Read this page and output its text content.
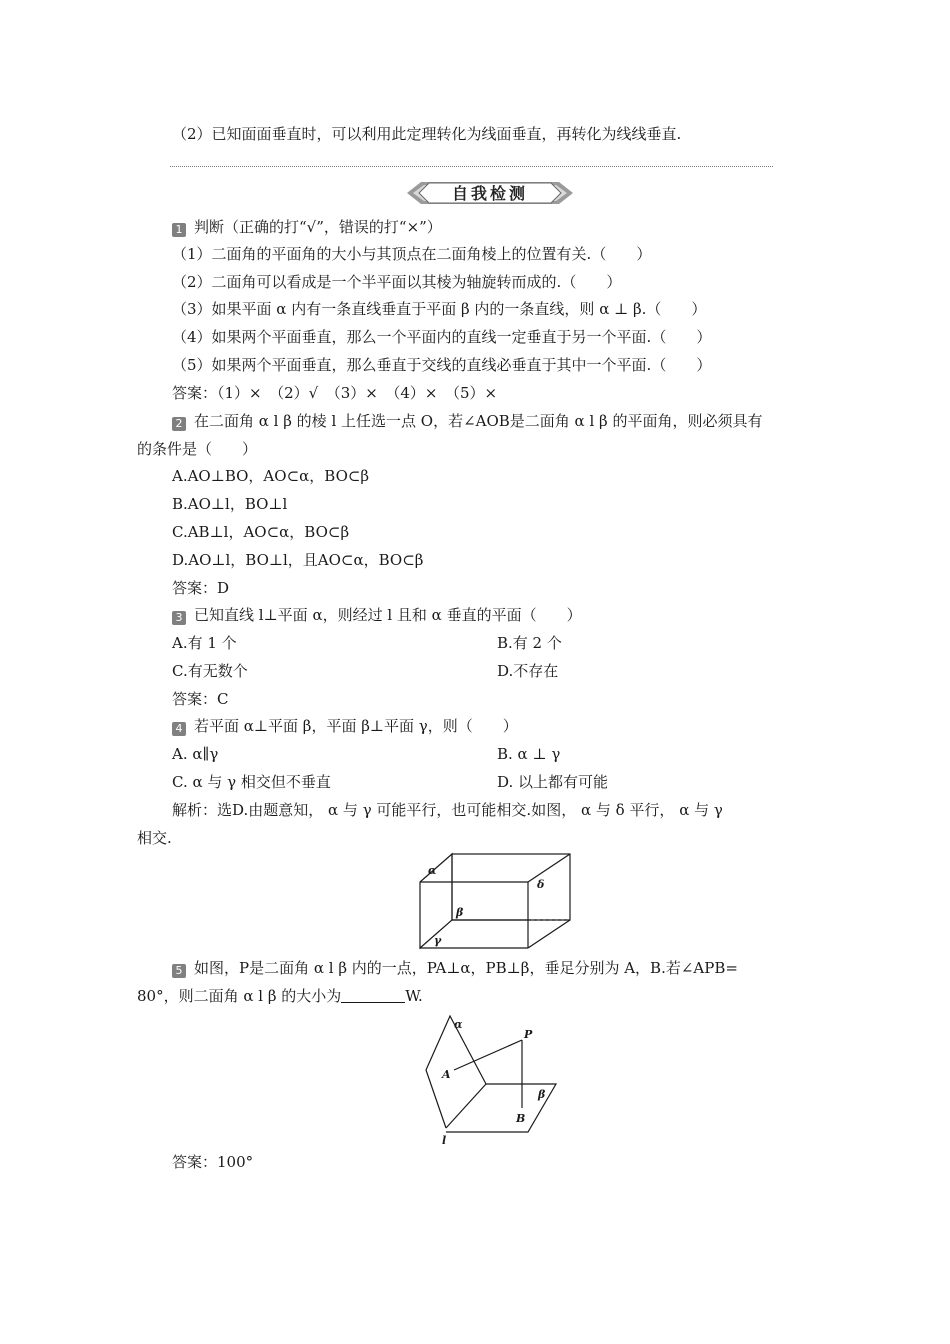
（2）已知面面垂直时，可以利用此定理转化为线面垂直，再转化为线线垂直.
自我检测
1 判断（正确的打“√”，错误的打“×”）
（1）二面角的平面角的大小与其顶点在二面角棱上的位置有关.（　　）
（2）二面角可以看成是一个半平面以其棱为轴旋转而成的.（　　）
（3）如果平面 α 内有一条直线垂直于平面 β 内的一条直线，则 α ⊥ β.（　　）
（4）如果两个平面垂直，那么一个平面内的直线一定垂直于另一个平面.（　　）
（5）如果两个平面垂直，那么垂直于交线的直线必垂直于其中一个平面.（　　）
答案：（1）×　（2）√　（3）×　（4）×　（5）×
2 在二面角 α l β 的棱 l 上任选一点 O，若∠AOB是二面角 α l β 的平面角，则必须具有
的条件是（　　）
A.AO⊥BO，AO⊂α，BO⊂β
B.AO⊥l，BO⊥l
C.AB⊥l，AO⊂α，BO⊂β
D.AO⊥l，BO⊥l，且AO⊂α，BO⊂β
答案：D
3 已知直线 l⊥平面 α，则经过 l 且和 α 垂直的平面（　　）
A.有 1 个	B.有 2 个
C.有无数个	D.不存在
答案：C
4 若平面 α⊥平面 β，平面 β⊥平面 γ，则（　　）
A. α∥γ	B. α ⊥ γ
C. α 与 γ 相交但不垂直	D. 以上都有可能
解析：选D.由题意知， α 与 γ 可能平行，也可能相交.如图， α 与 δ 平行， α 与 γ
相交.
α
δ
β
γ
5 如图，P是二面角 α l β 内的一点，PA⊥α，PB⊥β，垂足分别为 A，B.若∠APB=
80°，则二面角 α l β 的大小为	W.
α
P
A
β
B
l
答案：100°
